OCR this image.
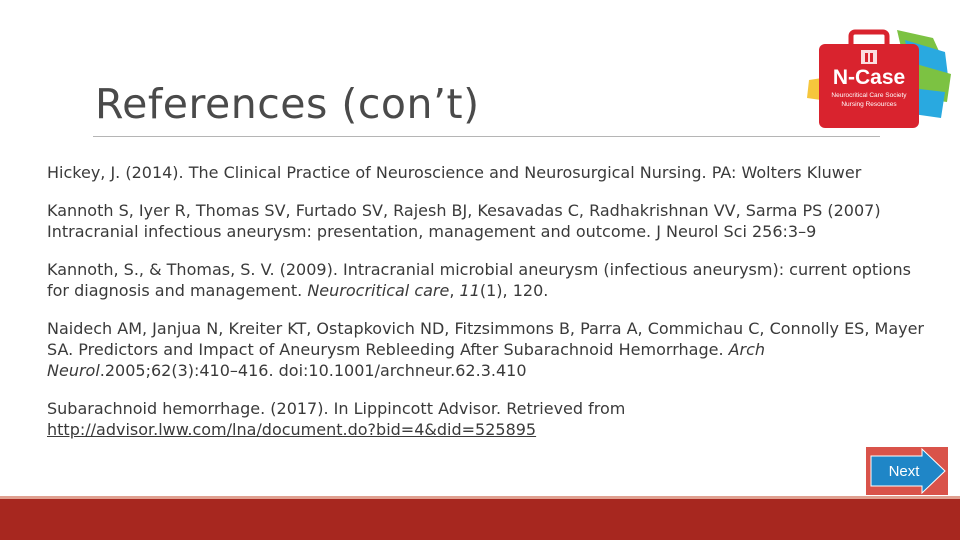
N-Case
Neurocritical Care Society
Nursing Resources
References (con’t)

Hickey, J. (2014). The Clinical Practice of Neuroscience and Neurosurgical Nursing. PA: Wolters Kluwer

Kannoth S, Iyer R, Thomas SV, Furtado SV, Rajesh BJ, Kesavadas C, Radhakrishnan VV, Sarma PS (2007) Intracranial infectious aneurysm: presentation, management and outcome. J Neurol Sci 256:3–9

Kannoth, S., & Thomas, S. V. (2009). Intracranial microbial aneurysm (infectious aneurysm): current options for diagnosis and management. Neurocritical care, 11(1), 120.

Naidech AM, Janjua N, Kreiter KT, Ostapkovich ND, Fitzsimmons B, Parra A, Commichau C, Connolly ES, Mayer SA. Predictors and Impact of Aneurysm Rebleeding After Subarachnoid Hemorrhage. Arch Neurol.2005;62(3):410–416. doi:10.1001/archneur.62.3.410

Subarachnoid hemorrhage. (2017). In Lippincott Advisor. Retrieved from
http://advisor.lww.com/lna/document.do?bid=4&did=525895

Next
